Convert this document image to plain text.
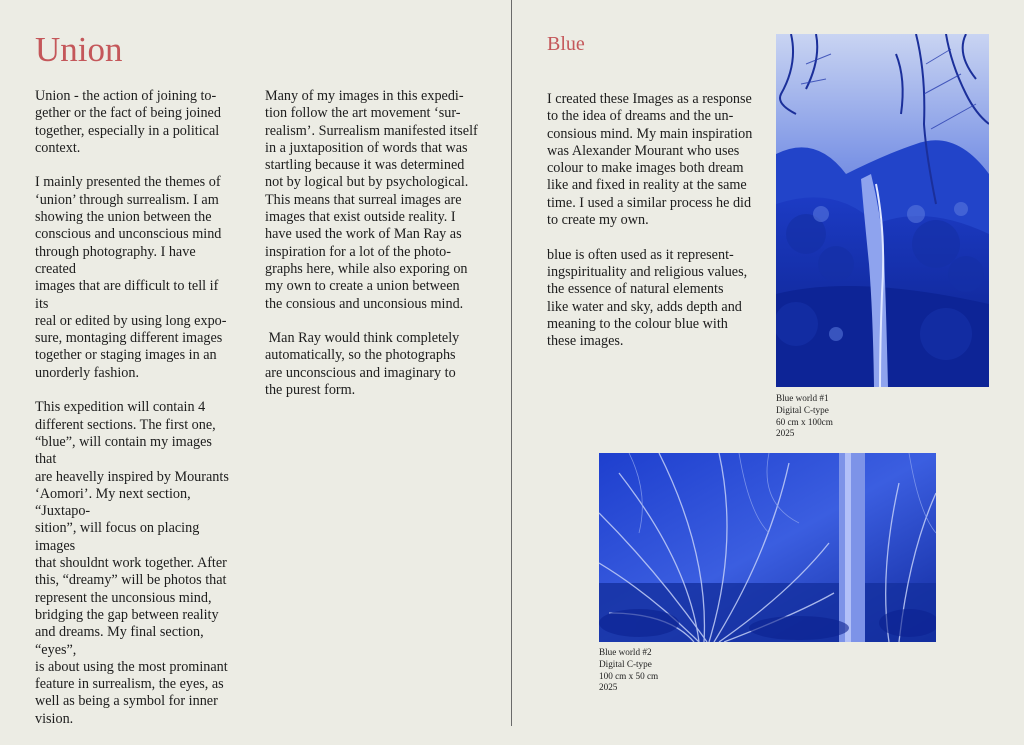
Union

Union - the action of joining to-
gether or the fact of being joined
together, especially in a political
context.

I mainly presented the themes of
‘union’ through surrealism. I am
showing the union between the
conscious and unconscious mind
through photography. I have created
images that are difficult to tell if its
real or edited by using long expo-
sure, montaging different images
together or staging images in an
unorderly fashion.

This expedition will contain 4
different sections. The first one,
“blue”, will contain my images that
are heavelly inspired by Mourants
‘Aomori’. My next section, “Juxtapo-
sition”, will focus on placing images
that shouldnt work together. After
this, “dreamy” will be photos that
represent the unconsious mind,
bridging the gap between reality
and dreams. My final section, “eyes”,
is about using the most prominant
feature in surrealism, the eyes, as
well as being a symbol for inner
vision.

Many of my images in this expedi-
tion follow the art movement ‘sur-
realism’. Surrealism manifested itself
in a juxtaposition of words that was
startling because it was determined
not by logical but by psychological.
This means that surreal images are
images that exist outside reality. I
have used the work of Man Ray as
inspiration for a lot of the photo-
graphs here, while also exporing on
my own to create a union between
the consious and unconsious mind.

Man Ray would think completely
automatically, so the photographs
are unconscious and imaginary to
the purest form.

Blue

I created these Images as a response
to the idea of dreams and the un-
consious mind. My main inspiration
was Alexander Mourant who uses
colour to make images both dream
like and fixed in reality at the same
time. I used a similar process he did
to create my own.

blue is often used as it represent-
ingspirituality and religious values,
the essence of natural elements
like water and sky, adds depth and
meaning to the colour blue with
these images.

Blue world #1
Digital C-type
60 cm x 100cm
2025
Blue world #2
Digital C-type
100 cm x 50 cm
2025
